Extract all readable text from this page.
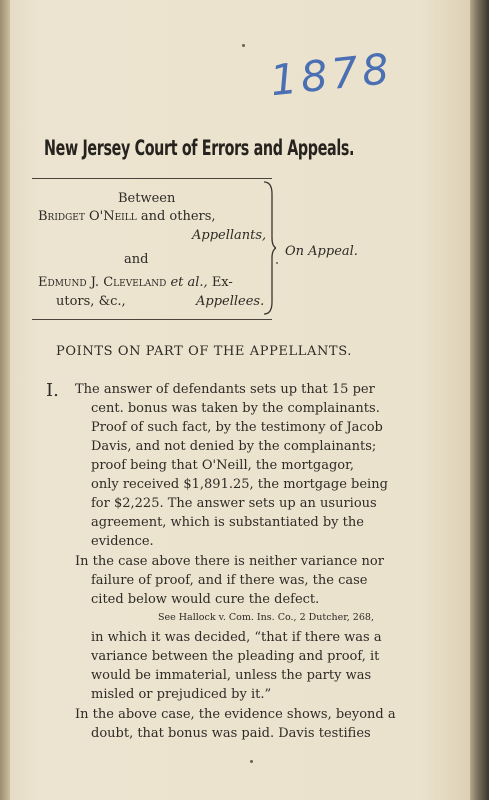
1878
New Jersey Court of Errors and Appeals.
Between
Bridget O'Neill and others,
Appellants,
and
Edmund J. Cleveland et al., Ex-
utors, &c.,	Appellees.
On Appeal.
POINTS ON PART OF THE APPELLANTS.
I. The answer of defendants sets up that 15 per
cent. bonus was taken by the complainants.
Proof of such fact, by the testimony of Jacob
Davis, and not denied by the complainants;
proof being that O'Neill, the mortgagor,
only received $1,891.25, the mortgage being
for $2,225. The answer sets up an usurious
agreement, which is substantiated by the
evidence.
In the case above there is neither variance nor
failure of proof, and if there was, the case
cited below would cure the defect.
See Hallock v. Com. Ins. Co., 2 Dutcher, 268,
in which it was decided, “that if there was a
variance between the pleading and proof, it
would be immaterial, unless the party was
misled or prejudiced by it.”
In the above case, the evidence shows, beyond a
doubt, that bonus was paid. Davis testifies
